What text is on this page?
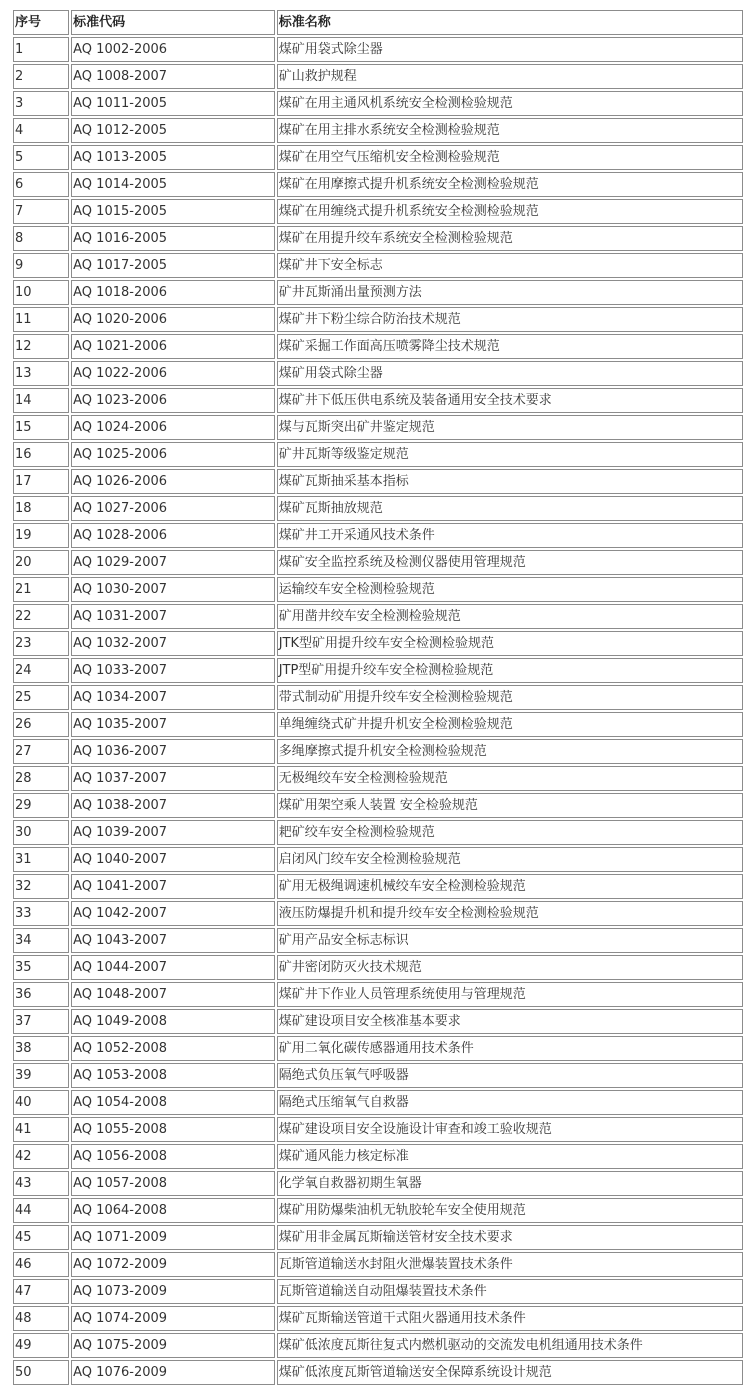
序号	标准代码	标准名称
1	AQ 1002-2006	煤矿用袋式除尘器
2	AQ 1008-2007	矿山救护规程
3	AQ 1011-2005	煤矿在用主通风机系统安全检测检验规范
4	AQ 1012-2005	煤矿在用主排水系统安全检测检验规范
5	AQ 1013-2005	煤矿在用空气压缩机安全检测检验规范
6	AQ 1014-2005	煤矿在用摩擦式提升机系统安全检测检验规范
7	AQ 1015-2005	煤矿在用缠绕式提升机系统安全检测检验规范
8	AQ 1016-2005	煤矿在用提升绞车系统安全检测检验规范
9	AQ 1017-2005	煤矿井下安全标志
10	AQ 1018-2006	矿井瓦斯涌出量预测方法
11	AQ 1020-2006	煤矿井下粉尘综合防治技术规范
12	AQ 1021-2006	煤矿采掘工作面高压喷雾降尘技术规范
13	AQ 1022-2006	煤矿用袋式除尘器
14	AQ 1023-2006	煤矿井下低压供电系统及装备通用安全技术要求
15	AQ 1024-2006	煤与瓦斯突出矿井鉴定规范
16	AQ 1025-2006	矿井瓦斯等级鉴定规范
17	AQ 1026-2006	煤矿瓦斯抽采基本指标
18	AQ 1027-2006	煤矿瓦斯抽放规范
19	AQ 1028-2006	煤矿井工开采通风技术条件
20	AQ 1029-2007	煤矿安全监控系统及检测仪器使用管理规范
21	AQ 1030-2007	运输绞车安全检测检验规范
22	AQ 1031-2007	矿用凿井绞车安全检测检验规范
23	AQ 1032-2007	JTK型矿用提升绞车安全检测检验规范
24	AQ 1033-2007	JTP型矿用提升绞车安全检测检验规范
25	AQ 1034-2007	带式制动矿用提升绞车安全检测检验规范
26	AQ 1035-2007	单绳缠绕式矿井提升机安全检测检验规范
27	AQ 1036-2007	多绳摩擦式提升机安全检测检验规范
28	AQ 1037-2007	无极绳绞车安全检测检验规范
29	AQ 1038-2007	煤矿用架空乘人装置 安全检验规范
30	AQ 1039-2007	耙矿绞车安全检测检验规范
31	AQ 1040-2007	启闭风门绞车安全检测检验规范
32	AQ 1041-2007	矿用无极绳调速机械绞车安全检测检验规范
33	AQ 1042-2007	液压防爆提升机和提升绞车安全检测检验规范
34	AQ 1043-2007	矿用产品安全标志标识
35	AQ 1044-2007	矿井密闭防灭火技术规范
36	AQ 1048-2007	煤矿井下作业人员管理系统使用与管理规范
37	AQ 1049-2008	煤矿建设项目安全核准基本要求
38	AQ 1052-2008	矿用二氧化碳传感器通用技术条件
39	AQ 1053-2008	隔绝式负压氧气呼吸器
40	AQ 1054-2008	隔绝式压缩氧气自救器
41	AQ 1055-2008	煤矿建设项目安全设施设计审查和竣工验收规范
42	AQ 1056-2008	煤矿通风能力核定标准
43	AQ 1057-2008	化学氧自救器初期生氧器
44	AQ 1064-2008	煤矿用防爆柴油机无轨胶轮车安全使用规范
45	AQ 1071-2009	煤矿用非金属瓦斯输送管材安全技术要求
46	AQ 1072-2009	瓦斯管道输送水封阻火泄爆装置技术条件
47	AQ 1073-2009	瓦斯管道输送自动阻爆装置技术条件
48	AQ 1074-2009	煤矿瓦斯输送管道干式阻火器通用技术条件
49	AQ 1075-2009	煤矿低浓度瓦斯往复式内燃机驱动的交流发电机组通用技术条件
50	AQ 1076-2009	煤矿低浓度瓦斯管道输送安全保障系统设计规范
